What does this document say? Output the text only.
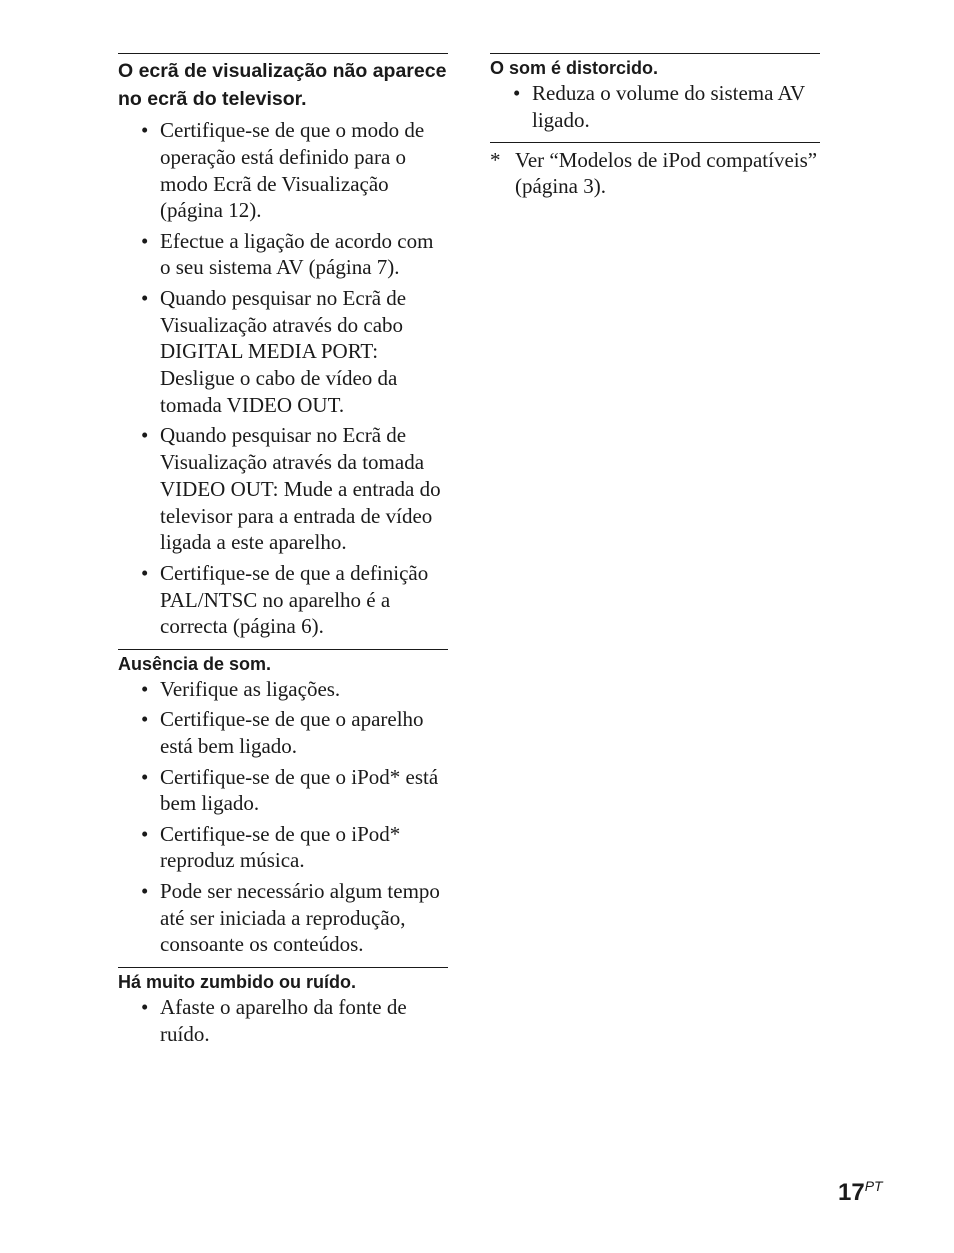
O ecrã de visualização não aparece no ecrã do televisor.
• Certifique-se de que o modo de operação está definido para o modo Ecrã de Visualização (página 12).
• Efectue a ligação de acordo com o seu sistema AV (página 7).
• Quando pesquisar no Ecrã de Visualização através do cabo DIGITAL MEDIA PORT: Desligue o cabo de vídeo da tomada VIDEO OUT.
• Quando pesquisar no Ecrã de Visualização através da tomada VIDEO OUT: Mude a entrada do televisor para a entrada de vídeo ligada a este aparelho.
• Certifique-se de que a definição PAL/NTSC no aparelho é a correcta (página 6).
Ausência de som.
• Verifique as ligações.
• Certifique-se de que o aparelho está bem ligado.
• Certifique-se de que o iPod* está bem ligado.
• Certifique-se de que o iPod* reproduz música.
• Pode ser necessário algum tempo até ser iniciada a reprodução, consoante os conteúdos.
Há muito zumbido ou ruído.
• Afaste o aparelho da fonte de ruído.
O som é distorcido.
• Reduza o volume do sistema AV ligado.
* Ver “Modelos de iPod compatíveis” (página 3).
17PT
